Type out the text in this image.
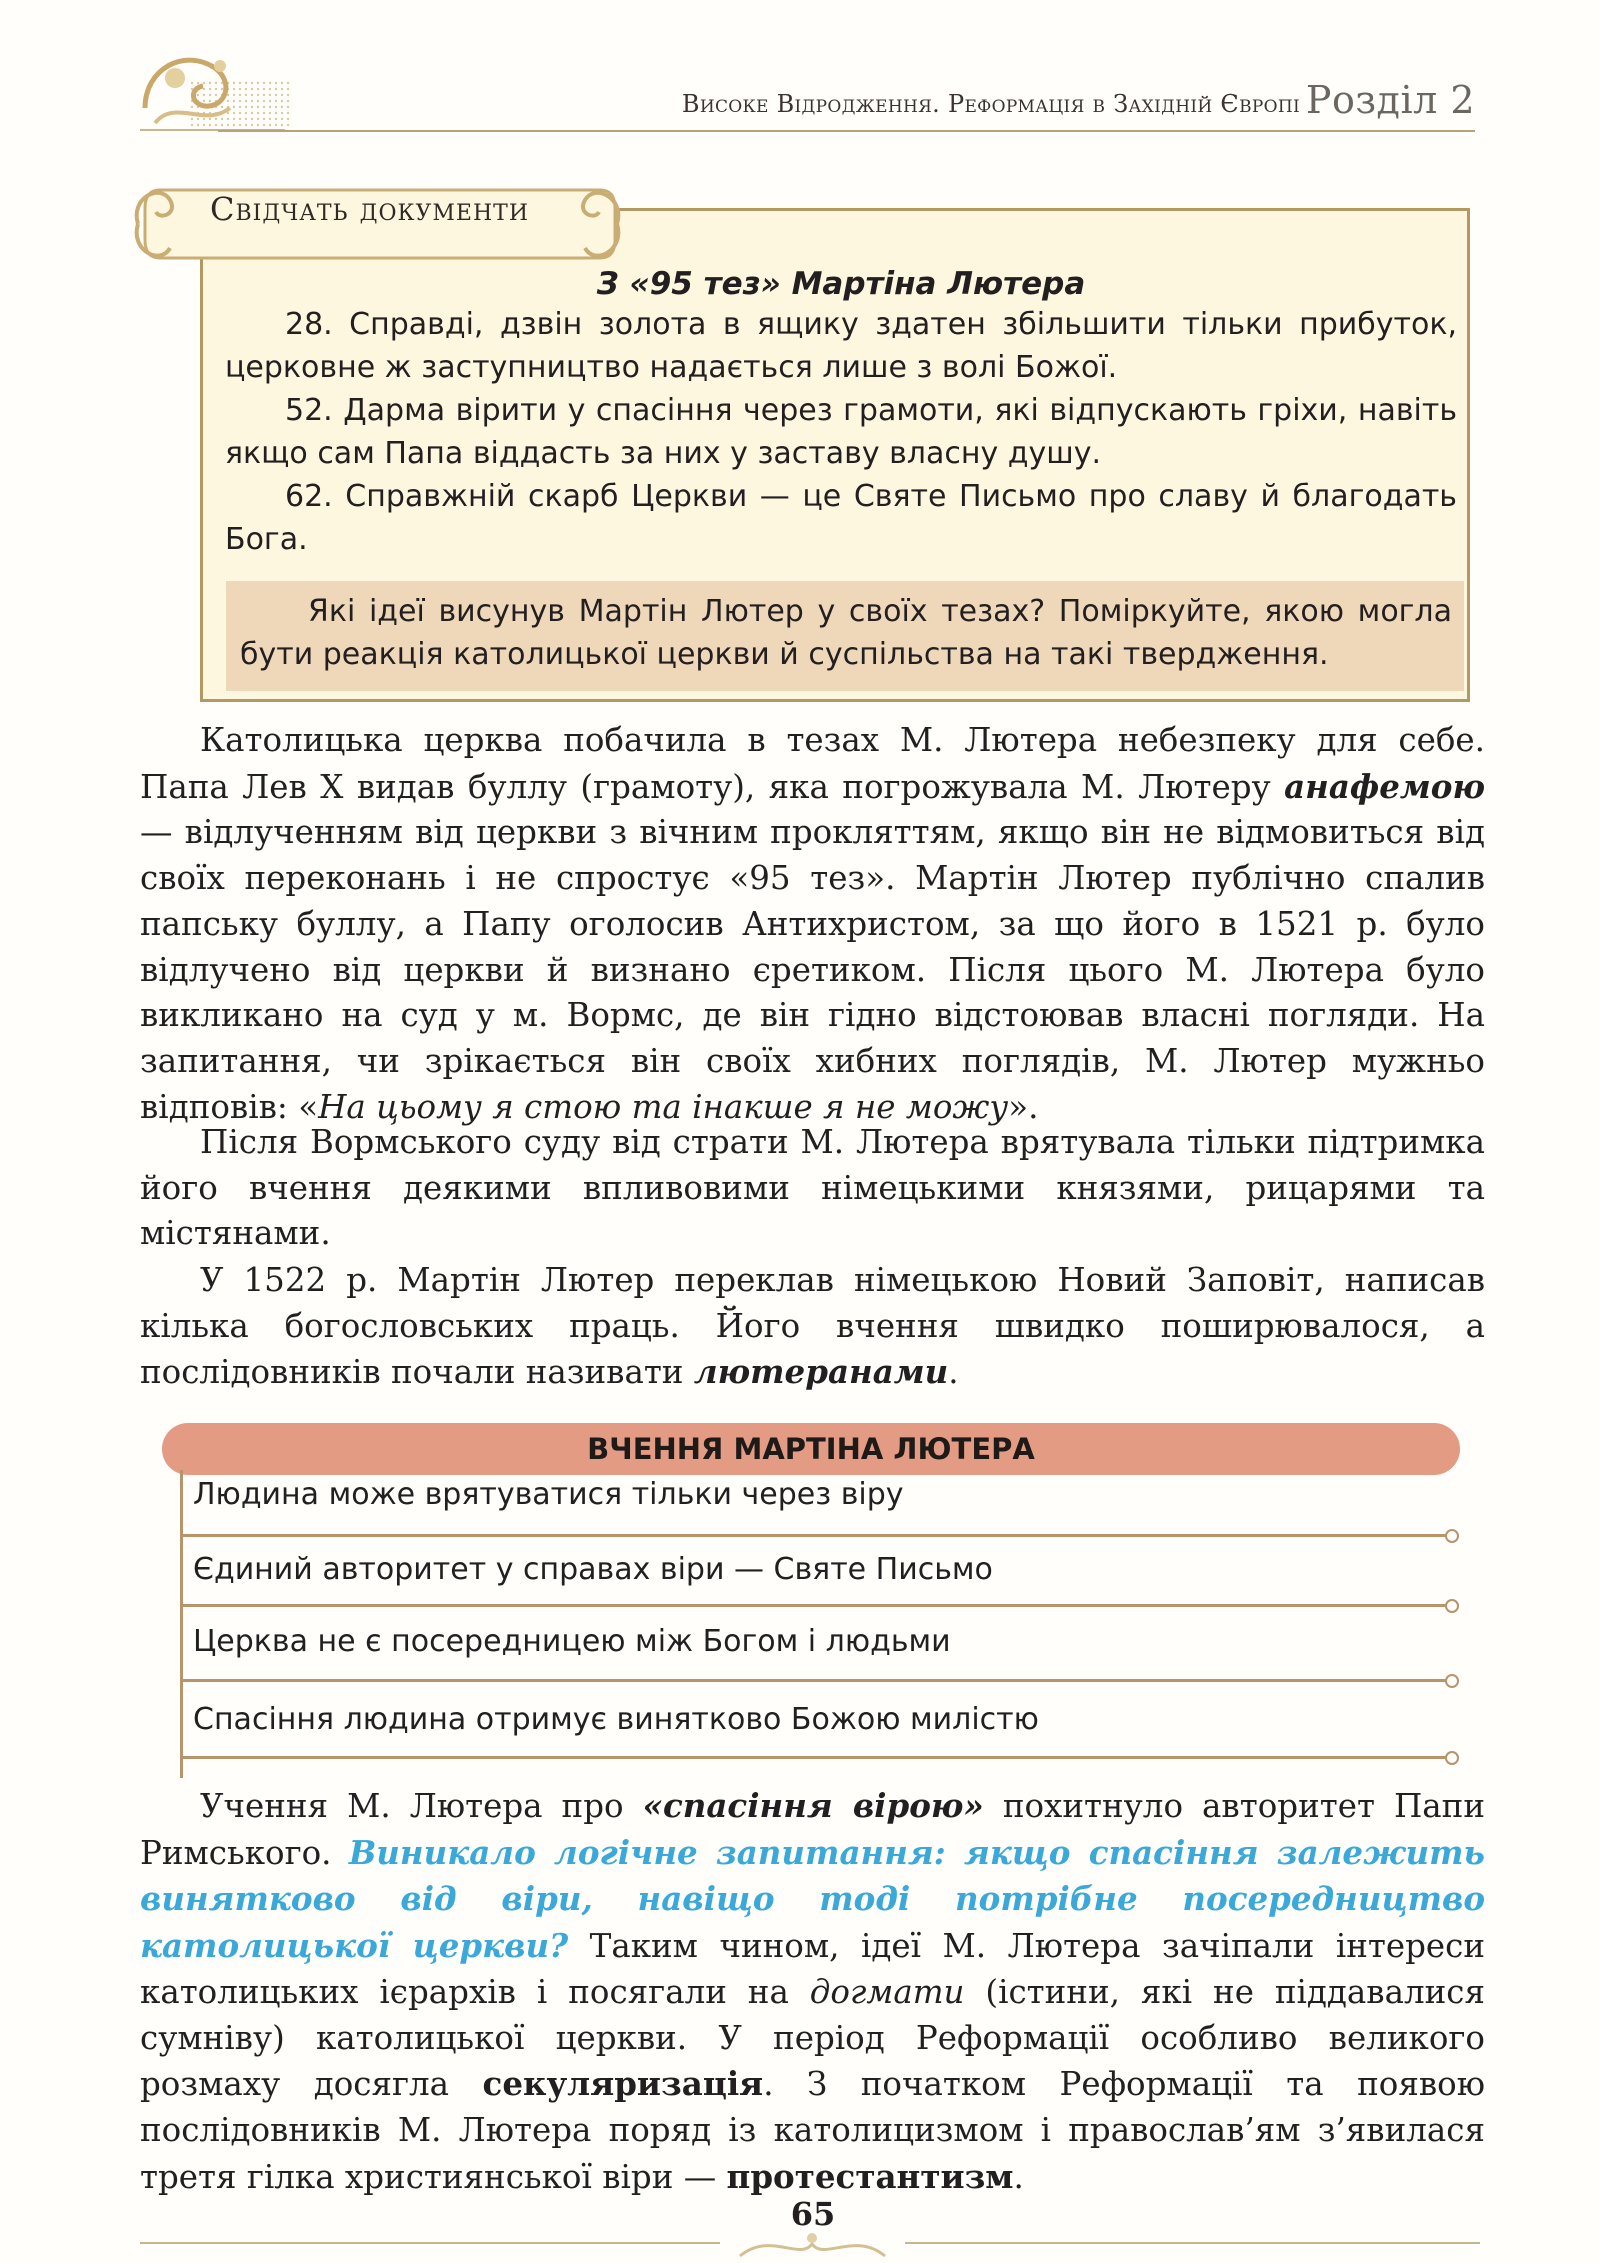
Високе Відродження. Реформація в Західній Європі Розділ 2
Свідчать документи
З «95 тез» Мартіна Лютера
28. Справді, дзвін золота в ящику здатен збільшити тільки прибуток, церковне ж заступництво надається лише з волі Божої.
52. Дарма вірити у спасіння через грамоти, які відпускають гріхи, навіть якщо сам Папа віддасть за них у заставу власну душу.
62. Справжній скарб Церкви — це Святе Письмо про славу й благодать Бога.
Які ідеї висунув Мартін Лютер у своїх тезах? Поміркуйте, якою могла бути реакція католицької церкви й суспільства на такі твердження.
Католицька церква побачила в тезах М. Лютера небезпеку для себе. Папа Лев X видав буллу (грамоту), яка погрожувала М. Лютеру анафемою — відлученням від церкви з вічним прокляттям, якщо він не відмовиться від своїх переконань і не спростує «95 тез». Мартін Лютер публічно спалив папську буллу, а Папу оголосив Антихристом, за що його в 1521 р. було відлучено від церкви й визнано єретиком. Після цього М. Лютера було викликано на суд у м. Вормс, де він гідно відстоював власні погляди. На запитання, чи зрікається він своїх хибних поглядів, М. Лютер мужньо відповів: «На цьому я стою та інакше я не можу».
Після Вормського суду від страти М. Лютера врятувала тільки підтримка його вчення деякими впливовими німецькими князями, рицарями та містянами.
У 1522 р. Мартін Лютер переклав німецькою Новий Заповіт, написав кілька богословських праць. Його вчення швидко поширювалося, а послідовників почали називати лютеранами.
ВЧЕННЯ МАРТІНА ЛЮТЕРА
Людина може врятуватися тільки через віру
Єдиний авторитет у справах віри — Святе Письмо
Церква не є посередницею між Богом і людьми
Спасіння людина отримує винятково Божою милістю
Учення М. Лютера про «спасіння вірою» похитнуло авторитет Папи Римського. Виникало логічне запитання: якщо спасіння залежить винятково від віри, навіщо тоді потрібне посередництво католицької церкви? Таким чином, ідеї М. Лютера зачіпали інтереси католицьких ієрархів і посягали на догмати (істини, які не піддавалися сумніву) католицької церкви. У період Реформації особливо великого розмаху досягла секуляризація. З початком Реформації та появою послідовників М. Лютера поряд із католицизмом і православ’ям з’явилася третя гілка християнської віри — протестантизм.
65
